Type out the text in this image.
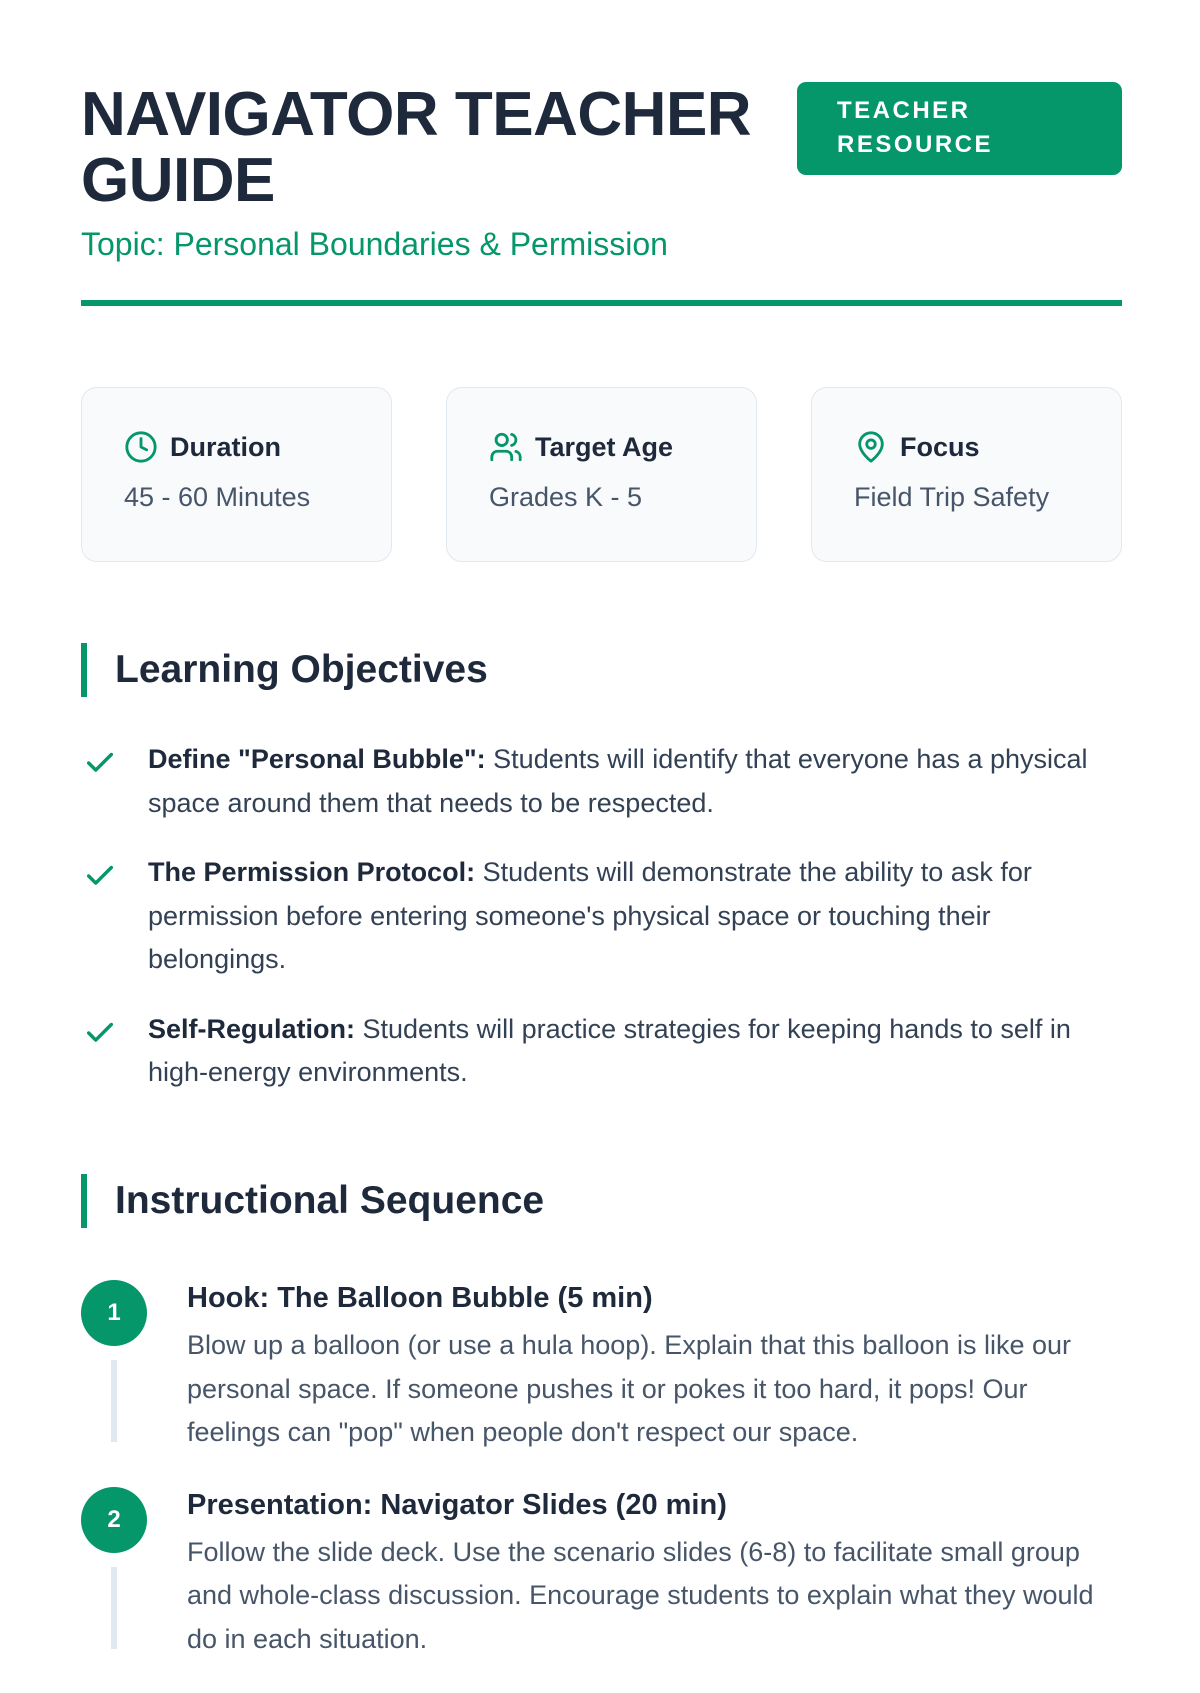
NAVIGATOR TEACHER GUIDE
Topic: Personal Boundaries & Permission
TEACHER RESOURCE
Duration
45 - 60 Minutes
Target Age
Grades K - 5
Focus
Field Trip Safety
Learning Objectives
Define "Personal Bubble": Students will identify that everyone has a physical space around them that needs to be respected.
The Permission Protocol: Students will demonstrate the ability to ask for permission before entering someone's physical space or touching their belongings.
Self-Regulation: Students will practice strategies for keeping hands to self in high-energy environments.
Instructional Sequence
1	Hook: The Balloon Bubble (5 min)
Blow up a balloon (or use a hula hoop). Explain that this balloon is like our personal space. If someone pushes it or pokes it too hard, it pops! Our feelings can "pop" when people don't respect our space.
2	Presentation: Navigator Slides (20 min)
Follow the slide deck. Use the scenario slides (6-8) to facilitate small group and whole-class discussion. Encourage students to explain what they would do in each situation.
